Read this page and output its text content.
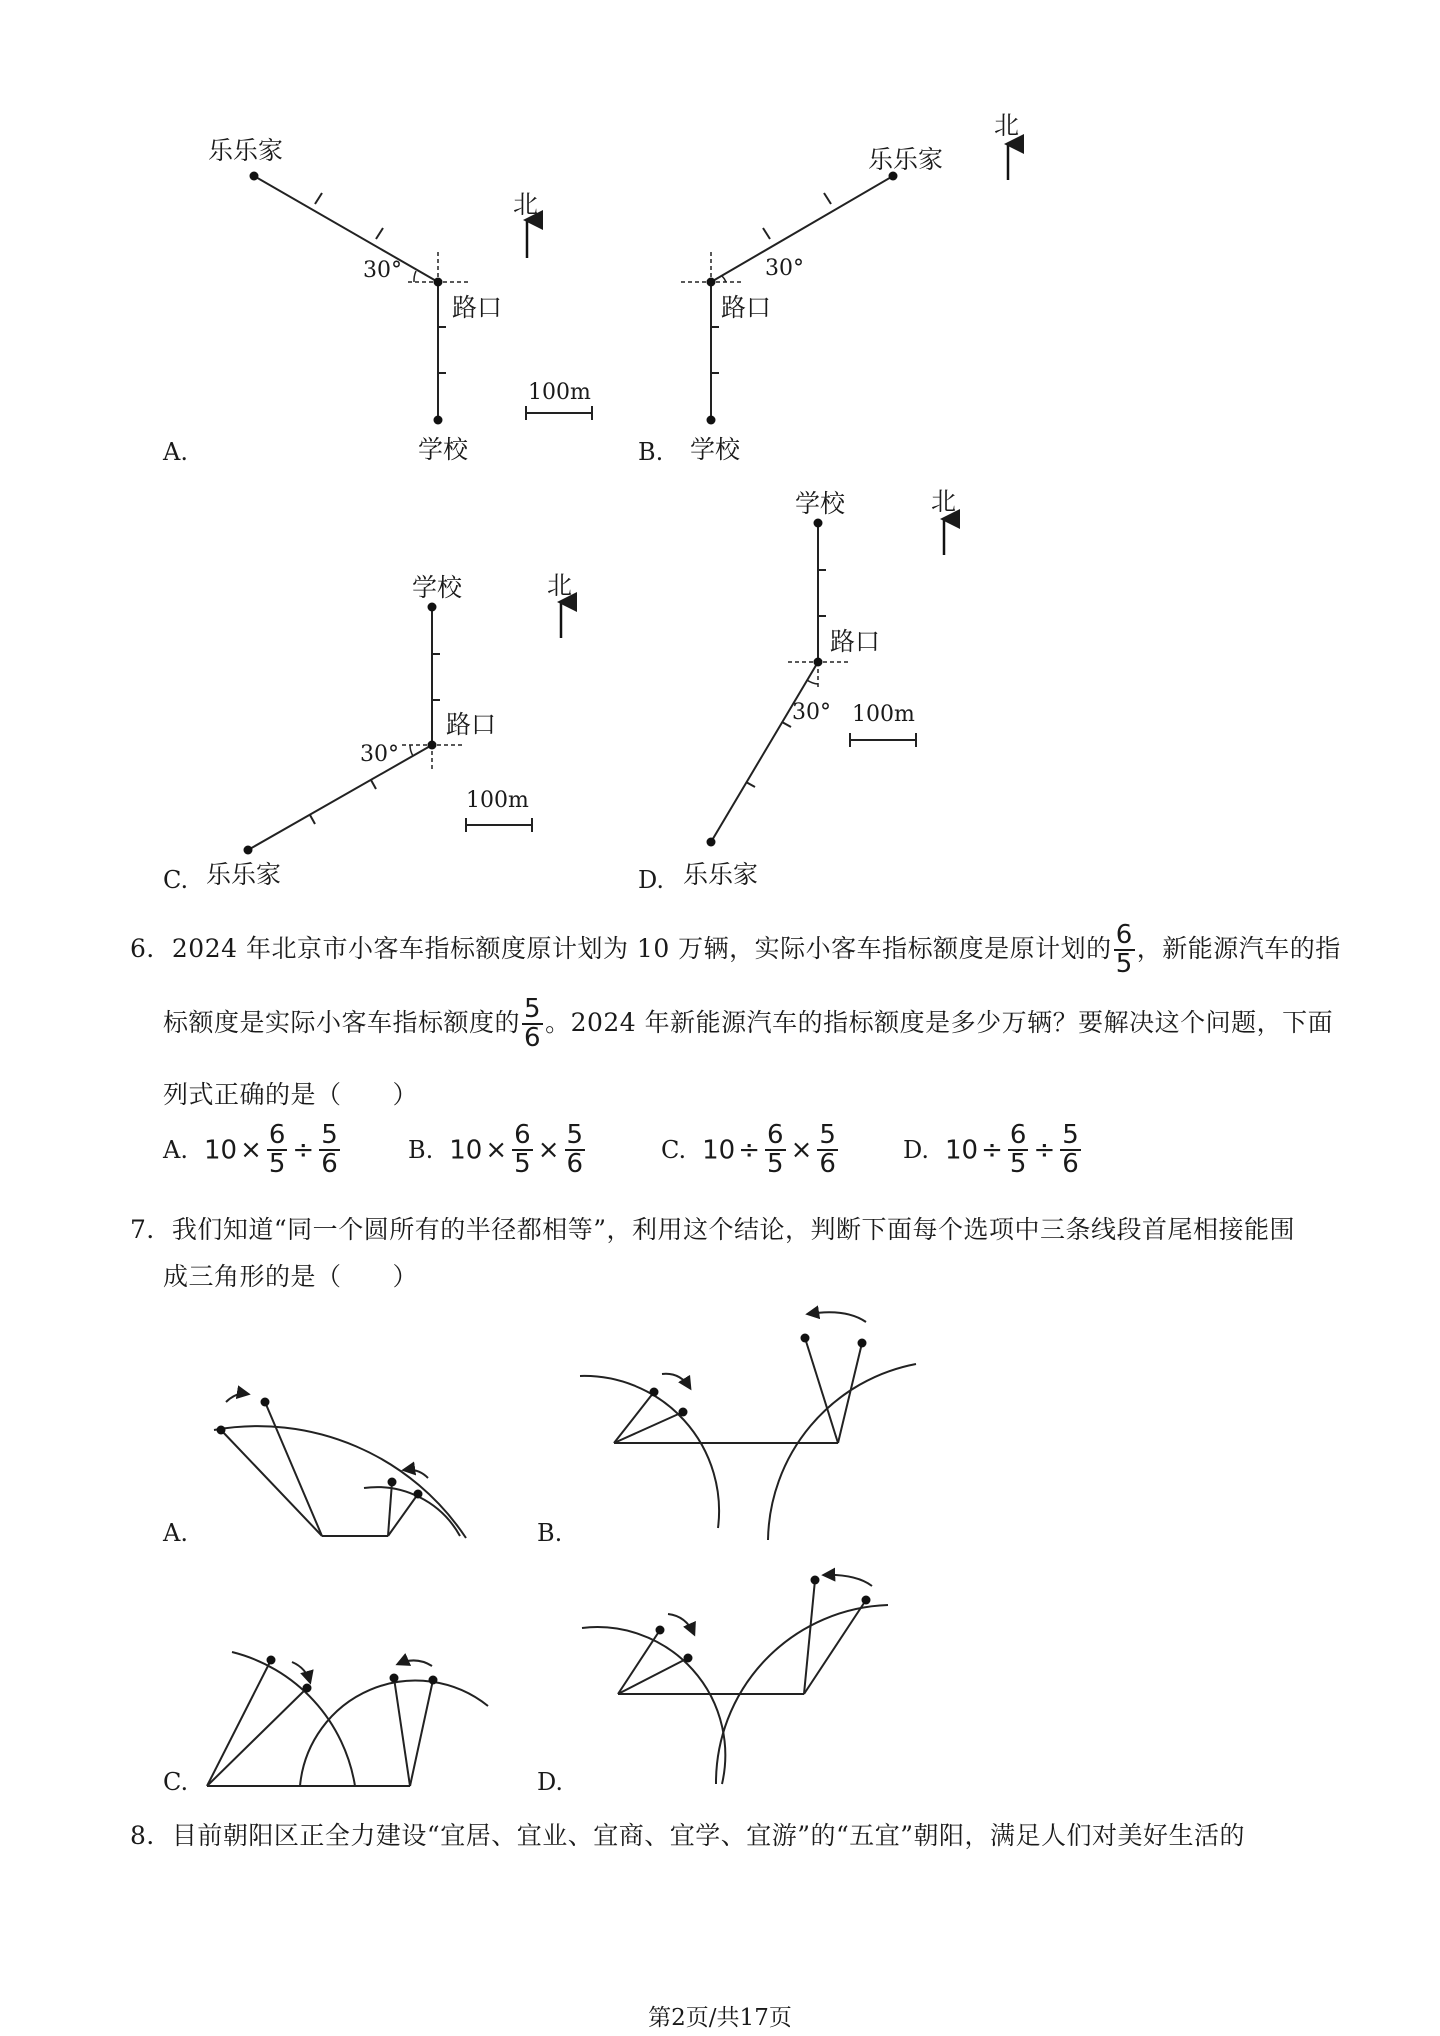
乐乐家
北
30°
路口
100m
学校
A.
乐乐家
北
30°
路口
学校
B.
学校	北
路口
30°
100m
C. 乐乐家
学校	北
路口
30° 100m
D. 乐乐家
6．2024 年北京市小客车指标额度原计划为 10 万辆，实际小客车指标额度是原计划的 $\frac{6}{5}$ ，新能源汽车的指
标额度是实际小客车指标额度的 $\frac{5}{6}$ 。2024 年新能源汽车的指标额度是多少万辆？要解决这个问题，下面
列式正确的是（　　）
A. $10 \times \frac{6}{5} \div \frac{5}{6}$	B. $10 \times \frac{6}{5} \times \frac{5}{6}$	C. $10 \div \frac{6}{5} \times \frac{5}{6}$	D. $10 \div \frac{6}{5} \div \frac{5}{6}$
7．我们知道“同一个圆所有的半径都相等”，利用这个结论，判断下面每个选项中三条线段首尾相接能围
成三角形的是（　　）
A.	B.
C.	D.
8．目前朝阳区正全力建设“宜居、宜业、宜商、宜学、宜游”的“五宜”朝阳，满足人们对美好生活的
第2页/共17页
